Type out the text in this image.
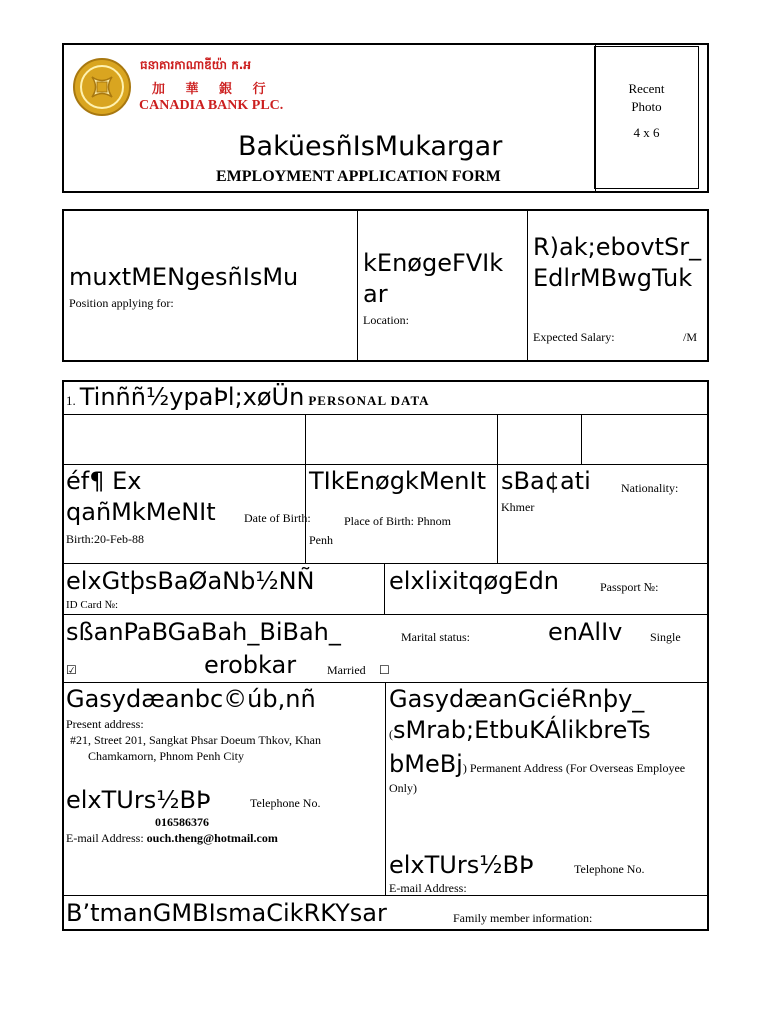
ធនាគារកាណាឌីយ៉ា ក.អ
加 華 銀 行
CANADIA BANK PLC.
BaküesñIsMukargar
EMPLOYMENT APPLICATION FORM
Recent
Photo
4 x 6
muxtMENgesñIsMu
Position applying for:
kEnøgeFVIkar
Location:
R)ak;ebovtSr_EdlrMBwgTuk
Expected Salary:	/M
1. Tinññ½ypaÞl;xøÜn PERSONAL DATA
éf¶ Ex qañMkMeNIt	Date of Birth:
Birth:20-Feb-88
TIkEnøgkMenIt
Place of Birth: Phnom
Penh
sBa¢ati	Nationality:
Khmer
elxGtþsBaØaNb½NÑ
ID Card №:
elxlixitqøgEdn	Passport №:
sßanPaBGaBah_BiBah_	Marital status:	enAlIv Single
☑	erobkar	Married ☐
Gasydæanbc©úb,nñ
Present address:
#21, Street 201, Sangkat Phsar Doeum Thkov, Khan
Chamkamorn, Phnom Penh City
elxTUrs½BÞ	Telephone No.
016586376
E-mail Address: ouch.theng@hotmail.com
GasydæanGciéRnþy_
(sMrab;EtbuKÁlikbreTs
bMeBj) Permanent Address (For Overseas Employee Only)
elxTUrs½BÞ	Telephone No.
E-mail Address:
B’tmanGMBIsmaCikRKYsar	Family member information:
